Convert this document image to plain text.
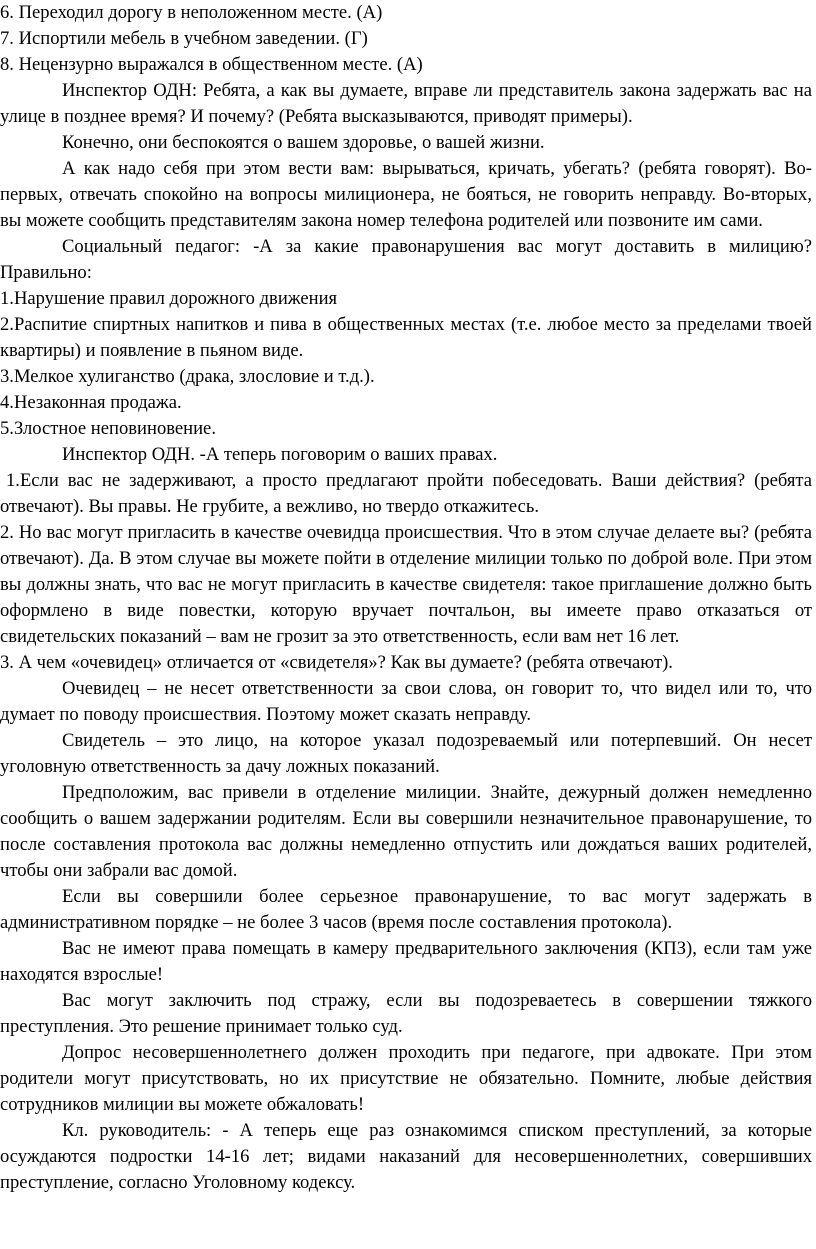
6. Переходил дорогу в неположенном месте. (А)

7. Испортили мебель в учебном заведении. (Г)

8. Нецензурно выражался в общественном месте. (А)

Инспектор ОДН: Ребята, а как вы думаете, вправе ли представитель закона задержать вас на улице в позднее время? И почему? (Ребята высказываются, приводят примеры).

Конечно, они беспокоятся о вашем здоровье, о вашей жизни.

А как надо себя при этом вести вам: вырываться, кричать, убегать? (ребята говорят). Во-первых, отвечать спокойно на вопросы милиционера, не бояться, не говорить неправду. Во-вторых, вы можете сообщить представителям закона номер телефона родителей или позвоните им сами.

Социальный педагог: -А за какие правонарушения вас могут доставить в милицию? Правильно:

1.Нарушение правил дорожного движения

2.Распитие спиртных напитков и пива в общественных местах (т.е. любое место за пределами твоей квартиры) и появление в пьяном виде.

3.Мелкое хулиганство (драка, злословие и т.д.).

4.Незаконная продажа.

5.Злостное неповиновение.

Инспектор ОДН. -А теперь поговорим о ваших правах.

1.Если вас не задерживают, а просто предлагают пройти побеседовать. Ваши действия? (ребята отвечают). Вы правы. Не грубите, а вежливо, но твердо откажитесь.

2. Но вас могут пригласить в качестве очевидца происшествия. Что в этом случае делаете вы? (ребята отвечают). Да. В этом случае вы можете пойти в отделение милиции только по доброй воле. При этом вы должны знать, что вас не могут пригласить в качестве свидетеля: такое приглашение должно быть оформлено в виде повестки, которую вручает почтальон, вы имеете право отказаться от свидетельских показаний – вам не грозит за это ответственность, если вам нет 16 лет.

3. А чем «очевидец» отличается от «свидетеля»? Как вы думаете? (ребята отвечают).

Очевидец – не несет ответственности за свои слова, он говорит то, что видел или то, что думает по поводу происшествия. Поэтому может сказать неправду.

Свидетель – это лицо, на которое указал подозреваемый или потерпевший. Он несет уголовную ответственность за дачу ложных показаний.

Предположим, вас привели в отделение милиции. Знайте, дежурный должен немедленно сообщить о вашем задержании родителям. Если вы совершили незначительное правонарушение, то после составления протокола вас должны немедленно отпустить или дождаться ваших родителей, чтобы они забрали вас домой.

Если вы совершили более серьезное правонарушение, то вас могут задержать в административном порядке – не более 3 часов (время после составления протокола).

Вас не имеют права помещать в камеру предварительного заключения (КПЗ), если там уже находятся взрослые!

Вас могут заключить под стражу, если вы подозреваетесь в совершении тяжкого преступления. Это решение принимает только суд.

Допрос несовершеннолетнего должен проходить при педагоге, при адвокате. При этом родители могут присутствовать, но их присутствие не обязательно. Помните, любые действия сотрудников милиции вы можете обжаловать!

Кл. руководитель: - А теперь еще раз ознакомимся списком преступлений, за которые осуждаются подростки 14-16 лет; видами наказаний для несовершеннолетних, совершивших преступление, согласно Уголовному кодексу.
